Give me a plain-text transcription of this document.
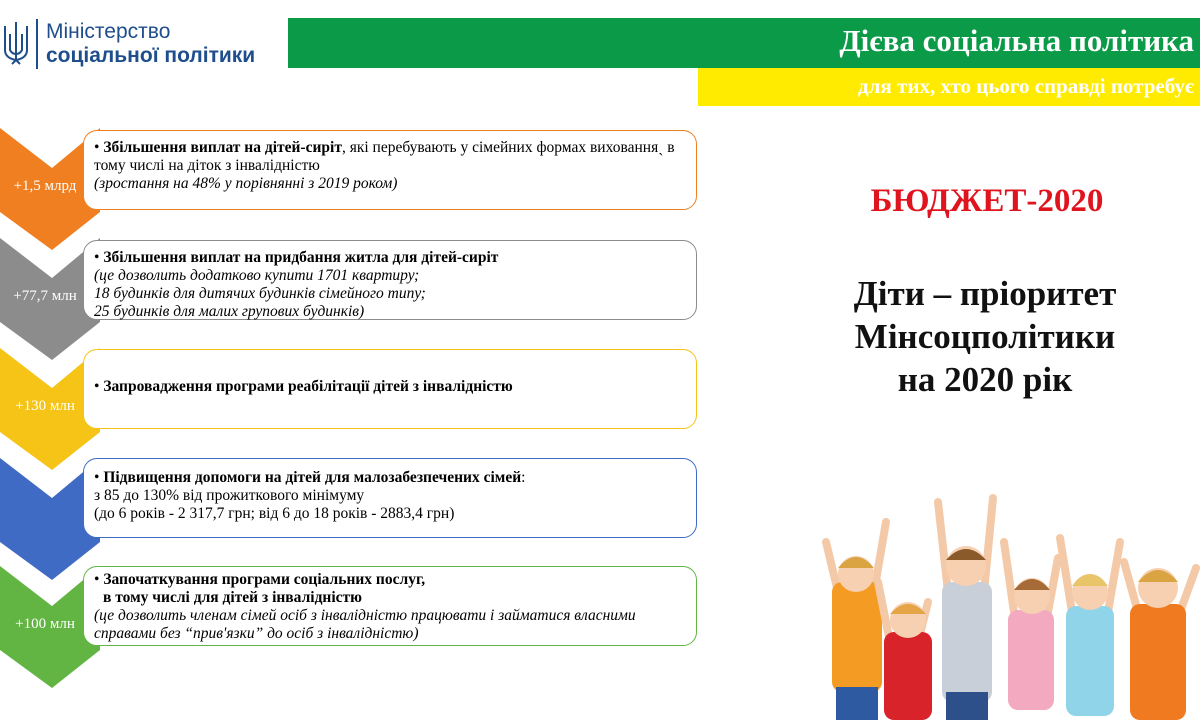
Міністерство
соціальної політики	Дієва соціальна політика
для тих, хто цього справді потребує
+1,5 млрд
• Збільшення виплат на дітей-сиріт, які перебувають у сімейних формах вихованняˏ в тому числі на діток з інвалідністю
(зростання на 48% у порівнянні з 2019 роком)
+77,7 млн
• Збільшення виплат на придбання житла для дітей-сиріт
(це дозволить додатково купити 1701 квартиру;
18 будинків для дитячих будинків сімейного типу;
25 будинків для малих групових будинків)
+130 млн
• Запровадження програми реабілітації дітей з інвалідністю
• Підвищення допомоги на дітей для малозабезпечених сімей:
з 85 до 130% від прожиткового мінімуму
(до 6 років - 2 317,7 грн; від 6 до 18 років - 2883,4 грн)
+100 млн
• Започаткування програми соціальних послуг,
в тому числі для дітей з інвалідністю
(це дозволить членам сімей осіб з інвалідністю працювати і займатися власними справами без “прив'язки” до осіб з інвалідністю)
БЮДЖЕТ-2020
Діти – пріоритет
Мінсоцполітики
на 2020 рік
